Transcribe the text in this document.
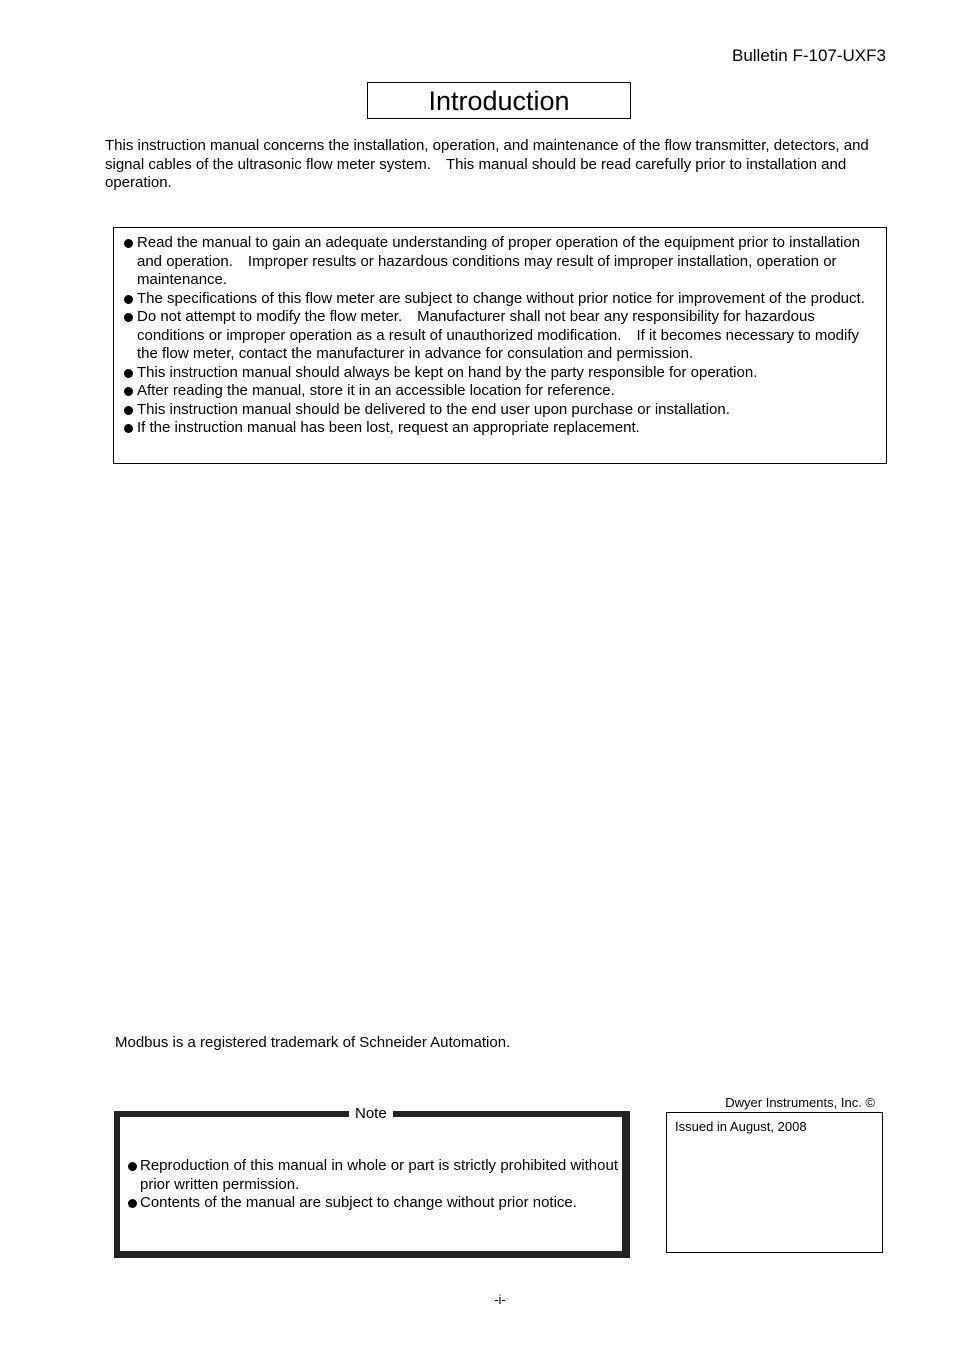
Bulletin F-107-UXF3
Introduction
This instruction manual concerns the installation, operation, and maintenance of the flow transmitter, detectors, and signal cables of the ultrasonic flow meter system.　This manual should be read carefully prior to installation and operation.
Read the manual to gain an adequate understanding of proper operation of the equipment prior to installation and operation.　Improper results or hazardous conditions may result of improper installation, operation or maintenance.
The specifications of this flow meter are subject to change without prior notice for improvement of the product.
Do not attempt to modify the flow meter.　Manufacturer shall not bear any responsibility for hazardous conditions or improper operation as a result of unauthorized modification.　If it becomes necessary to modify the flow meter, contact the manufacturer in advance for consulation and permission.
This instruction manual should always be kept on hand by the party responsible for operation.
After reading the manual, store it in an accessible location for reference.
This instruction manual should be delivered to the end user upon purchase or installation.
If the instruction manual has been lost, request an appropriate replacement.
Modbus is a registered trademark of Schneider Automation.
Note
Reproduction of this manual in whole or part is strictly prohibited without prior written permission.
Contents of the manual are subject to change without prior notice.
Dwyer Instruments, Inc. ©
Issued in August, 2008
-i-
